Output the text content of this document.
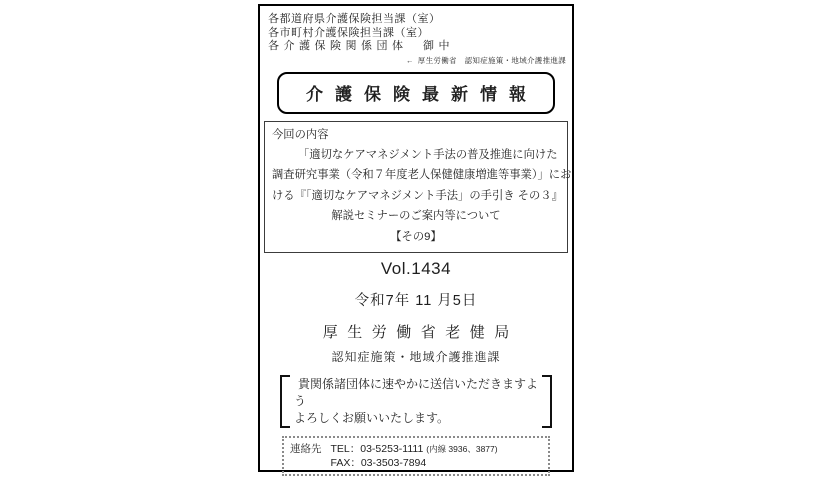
各都道府県介護保険担当課（室）
各市町村介護保険担当課（室）
各介護保険関係団体　御中
← 厚生労働省　認知症施策・地域介護推進課
介護保険最新情報
今回の内容
「適切なケアマネジメント手法の普及推進に向けた
調査研究事業（令和７年度老人保健健康増進等事業）」にお
ける『「適切なケアマネジメント手法」の手引き その３』
解説セミナーのご案内等について
【その9】
Vol.1434
令和7年 11 月5日
厚生労働省老健局
認知症施策・地域介護推進課
貴関係諸団体に速やかに送信いただきますよう
よろしくお願いいたします。
連絡先 TEL：03-5253-1111 (内線 3936、3877)
FAX：03-3503-7894
